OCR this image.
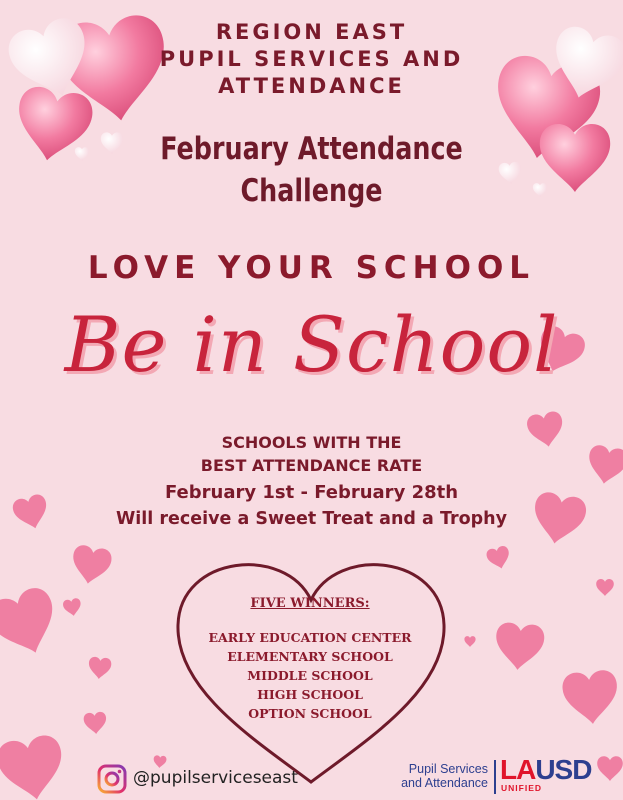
REGION EAST
PUPIL SERVICES AND
ATTENDANCE
February Attendance
Challenge
LOVE YOUR SCHOOL
Be in School
SCHOOLS WITH THE
BEST ATTENDANCE RATE
February 1st - February 28th
Will receive a Sweet Treat and a Trophy
FIVE WINNERS:
EARLY EDUCATION CENTER
ELEMENTARY SCHOOL
MIDDLE SCHOOL
HIGH SCHOOL
OPTION SCHOOL
@pupilserviceseast	Pupil Services
and Attendance LAUSD
UNIFIED
